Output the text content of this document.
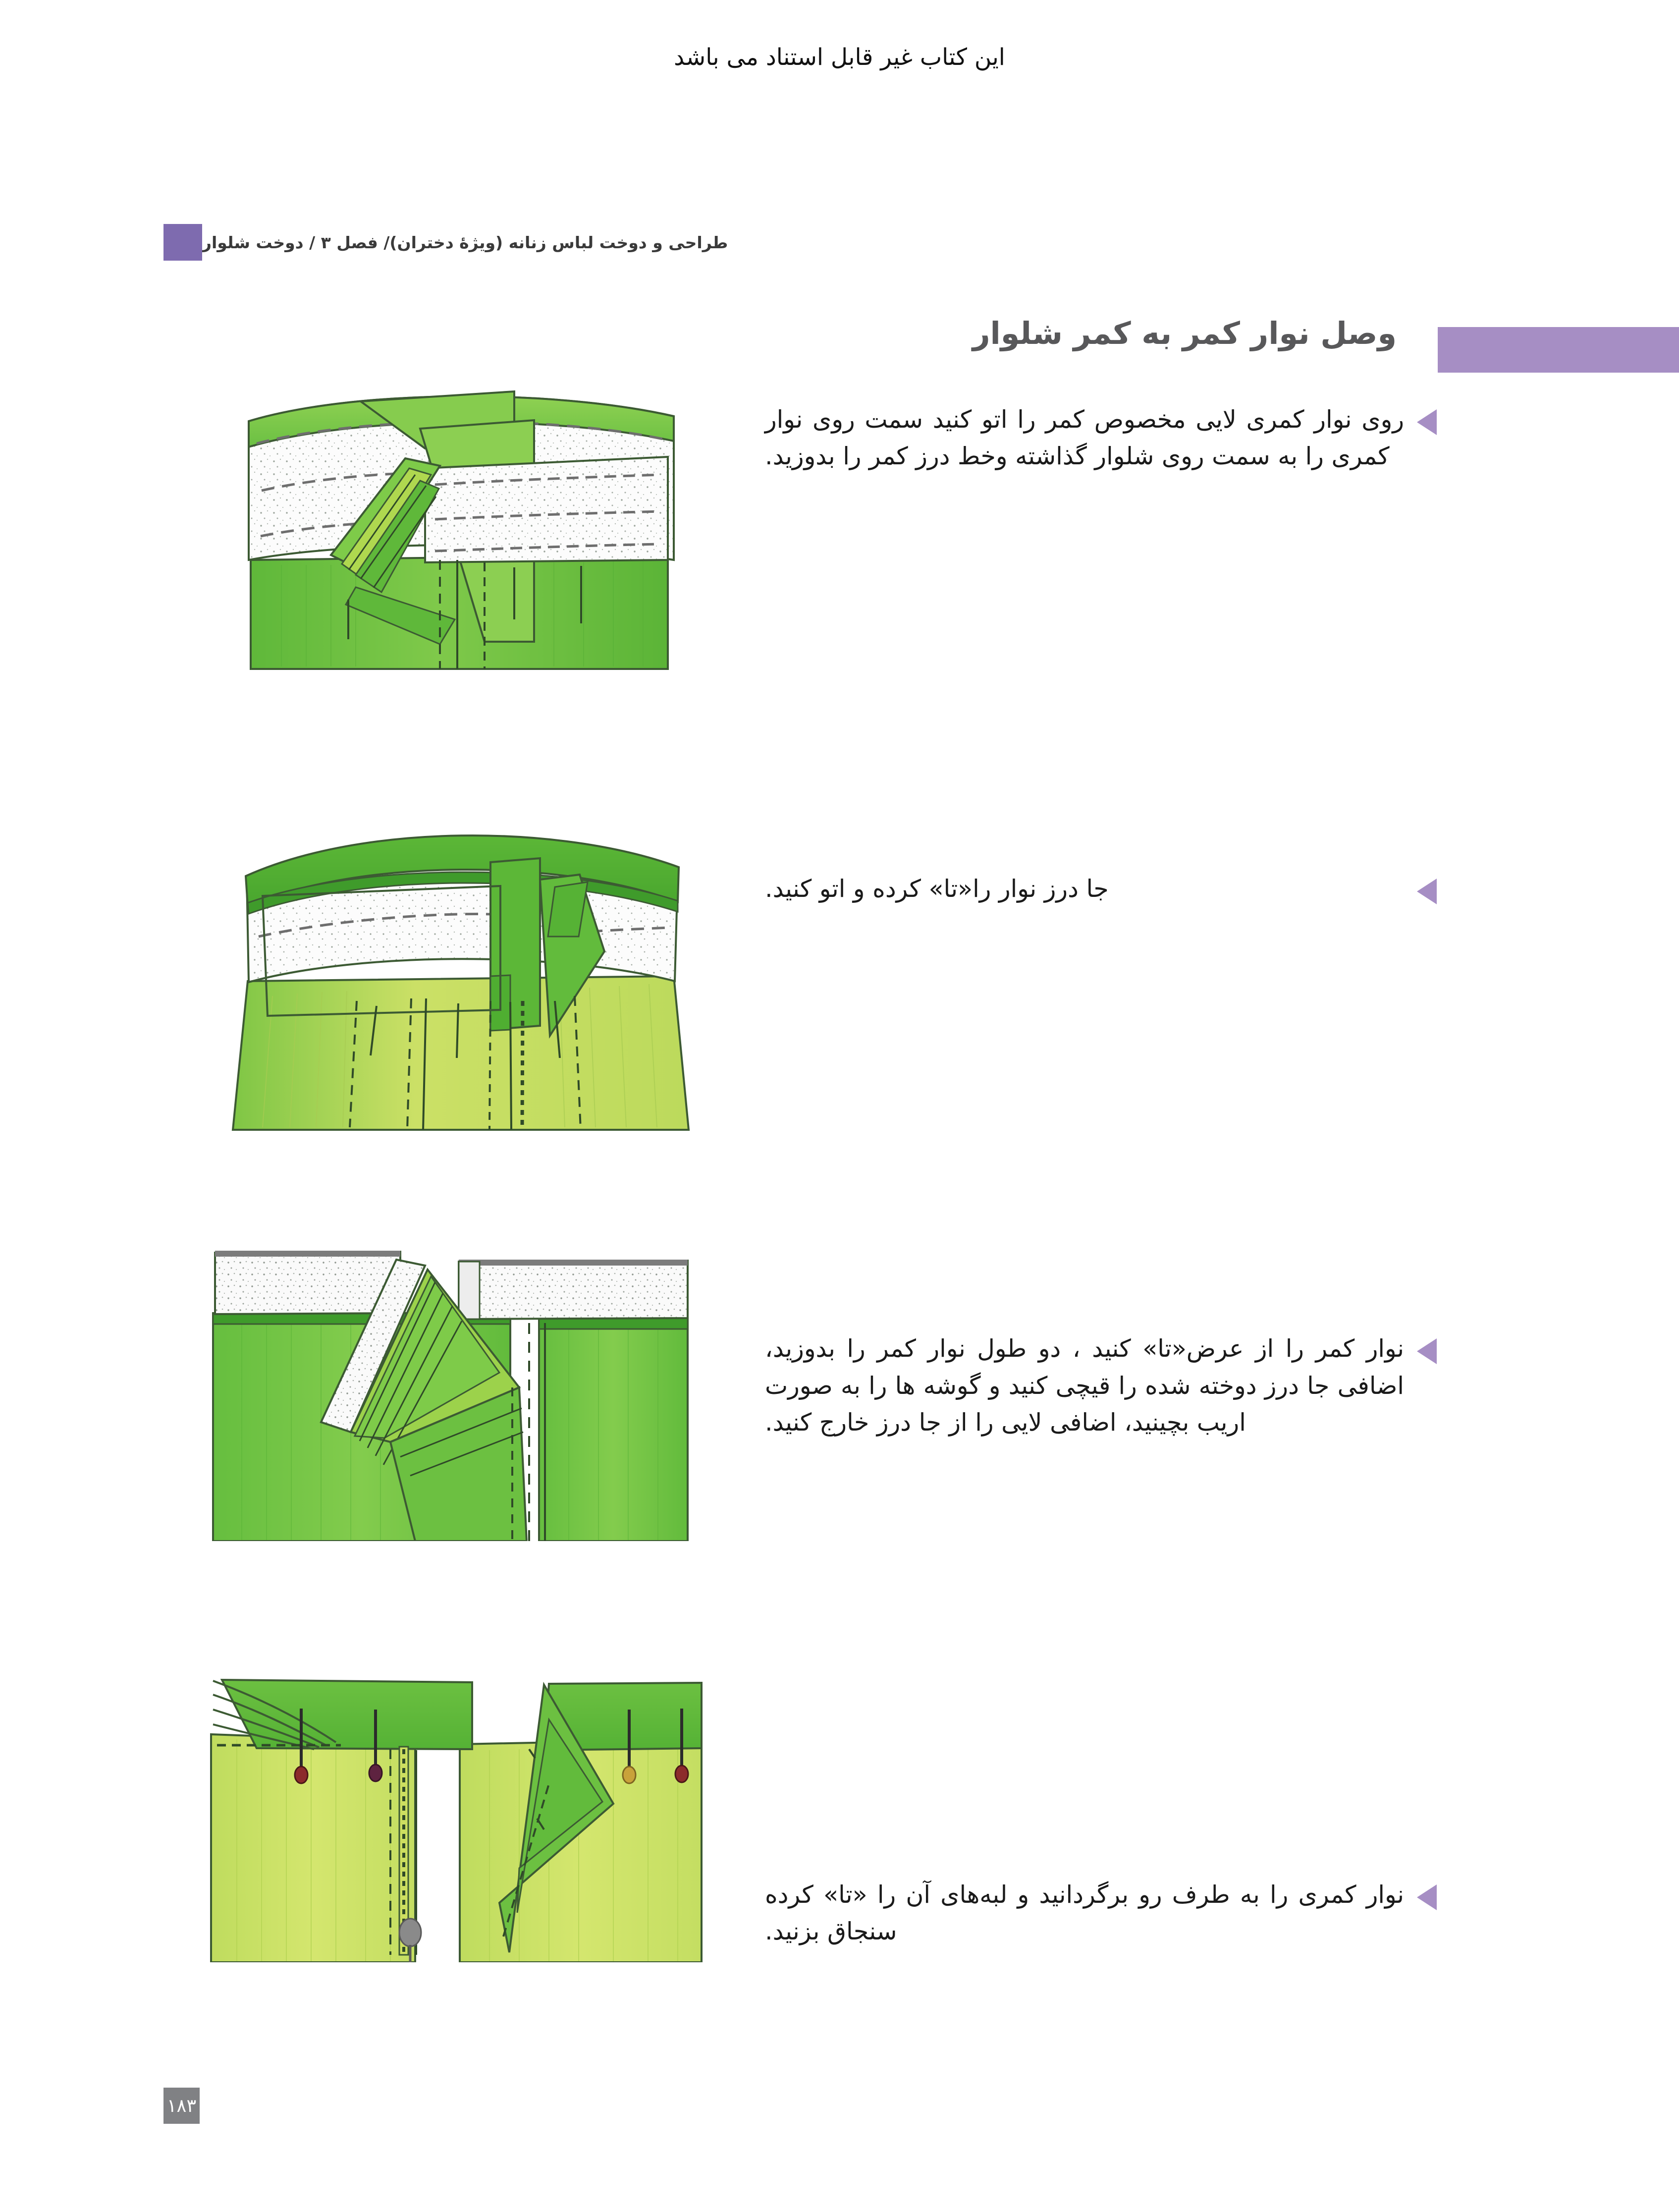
این کتاب غیر قابل استناد می باشد
طراحی و دوخت لباس زنانه (ویژهٔ دختران)/ فصل ۳ / دوخت شلوار
وصل نوار کمر به کمر شلوار
روی نوار کمری لایی مخصوص کمر را اتو کنید سمت روی نوار کمری را به سمت روی شلوار گذاشته وخط درز کمر را بدوزید.
جا درز نوار را«تا» کرده و اتو کنید.
نوار کمر را از عرض«تا» کنید ، دو طول نوار کمر را بدوزید، اضافی جا درز دوخته شده را قیچی کنید و گوشه ها را به صورت اریب بچینید، اضافی لایی را از جا درز خارج کنید.
نوار کمری را به طرف رو برگردانید و لبه‌های آن را «تا» کرده سنجاق بزنید.
۱۸۳
